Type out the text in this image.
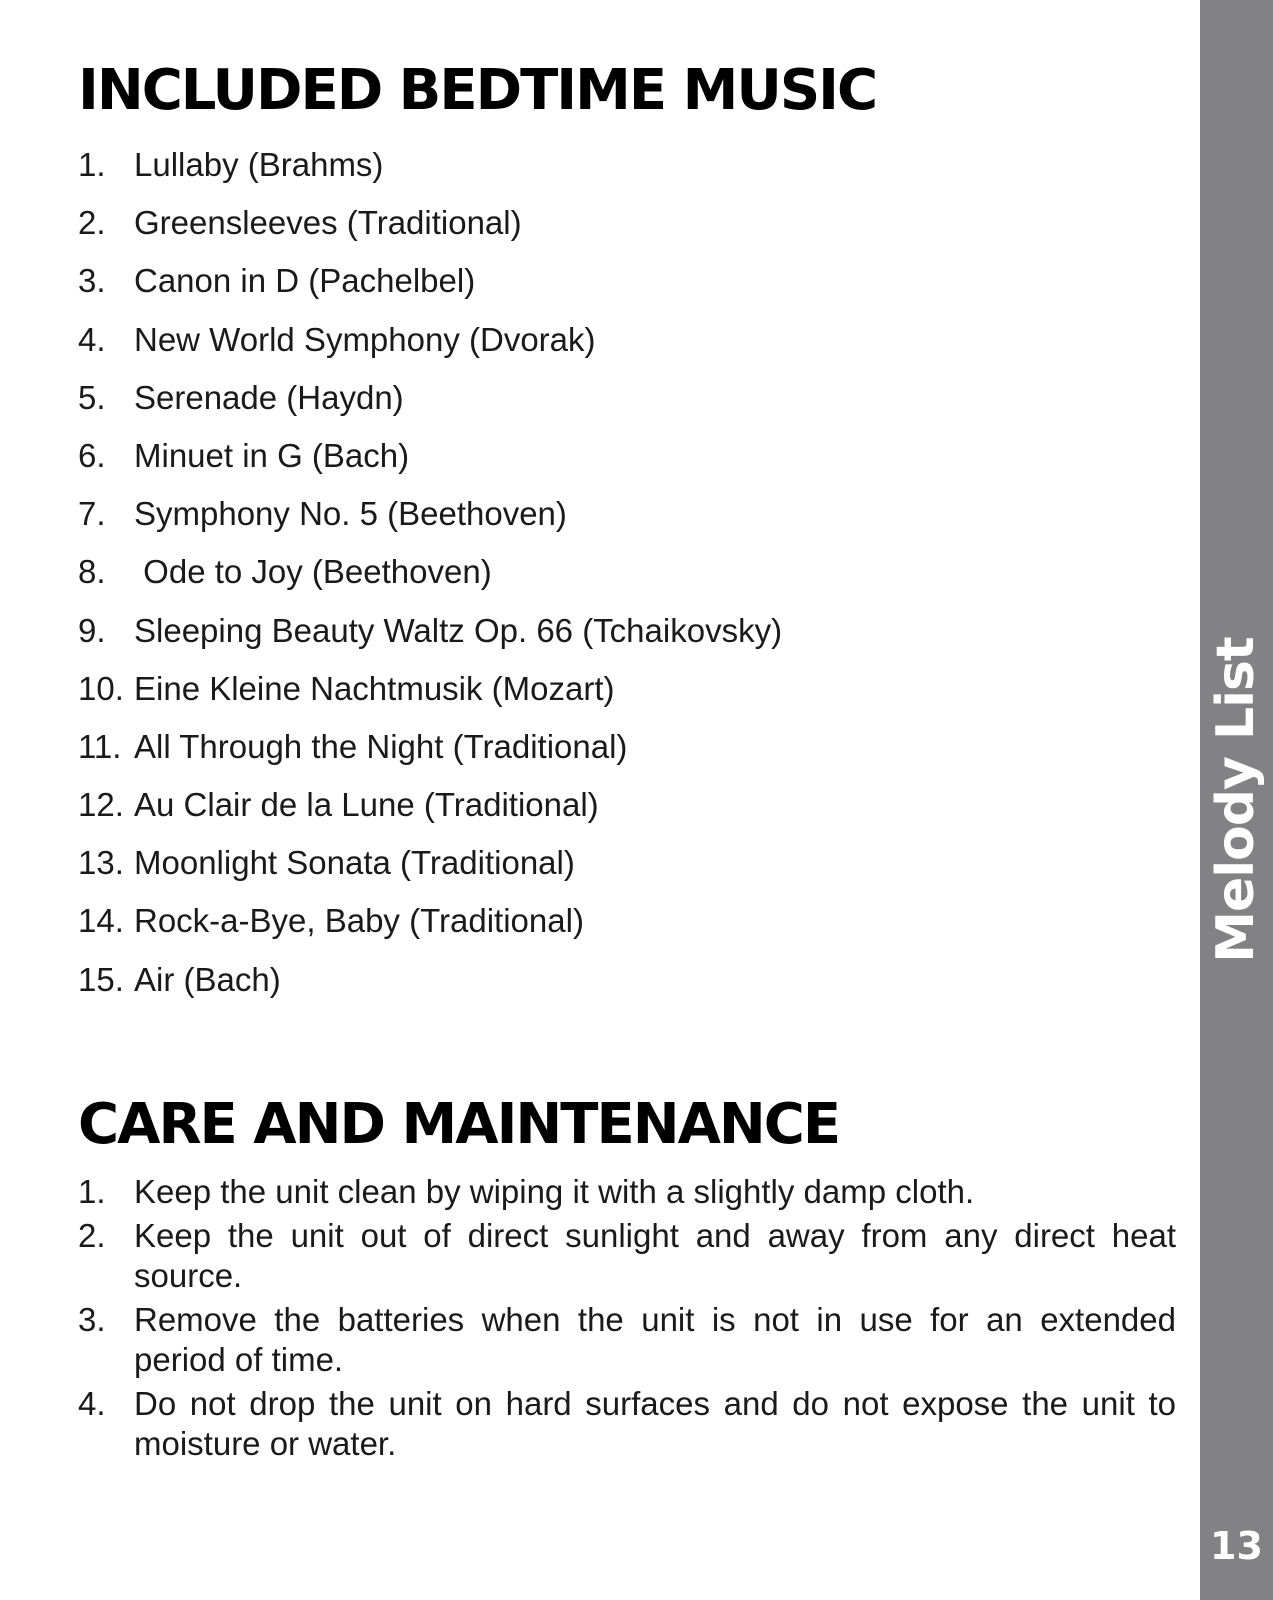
INCLUDED BEDTIME MUSIC
1. Lullaby (Brahms)
2. Greensleeves (Traditional)
3. Canon in D (Pachelbel)
4. New World Symphony (Dvorak)
5. Serenade (Haydn)
6. Minuet in G (Bach)
7. Symphony No. 5 (Beethoven)
8. Ode to Joy (Beethoven)
9. Sleeping Beauty Waltz Op. 66 (Tchaikovsky)
10. Eine Kleine Nachtmusik (Mozart)
11. All Through the Night (Traditional)
12. Au Clair de la Lune (Traditional)
13. Moonlight Sonata (Traditional)
14. Rock-a-Bye, Baby (Traditional)
15. Air (Bach)
CARE AND MAINTENANCE
1. Keep the unit clean by wiping it with a slightly damp cloth.
2. Keep the unit out of direct sunlight and away from any direct heat source.
3. Remove the batteries when the unit is not in use for an extended period of time.
4. Do not drop the unit on hard surfaces and do not expose the unit to moisture or water.
Melody List
13
